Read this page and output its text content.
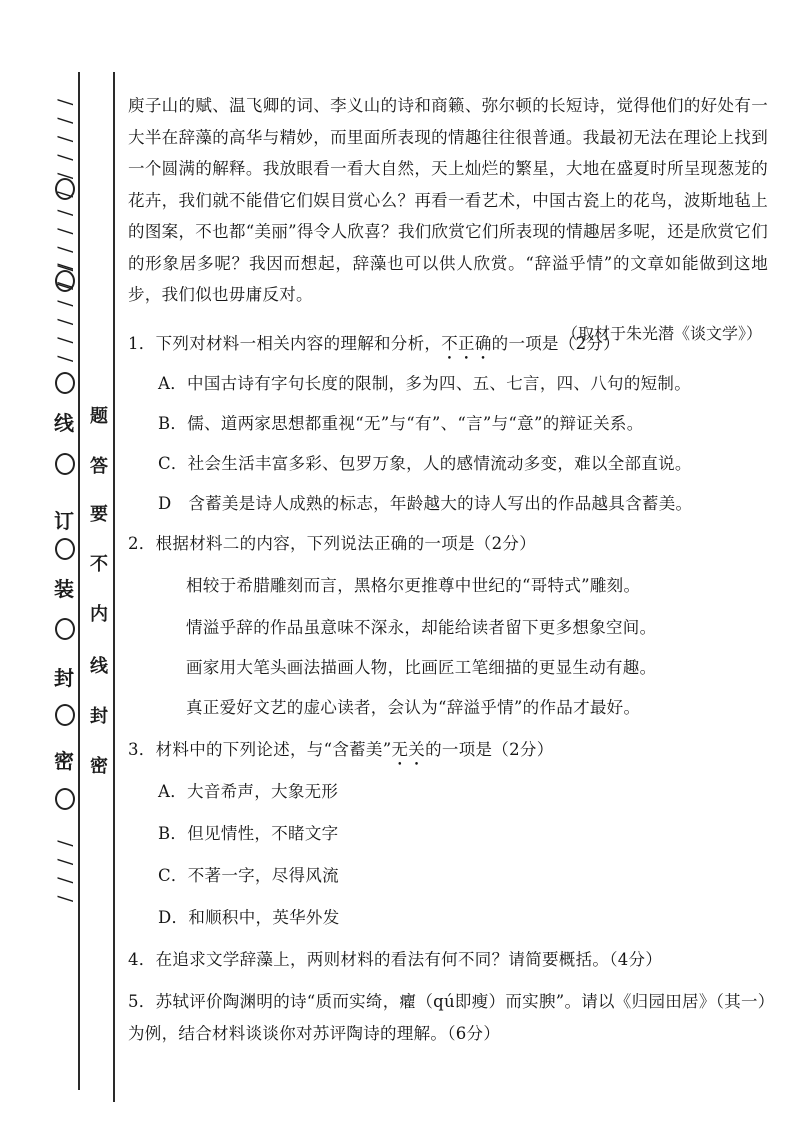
/ / / / / / / / / / /
/ / / / / /
线
订
装
封
密
/ / / /
题
答
要
不
内
线
封
密

庾子山的赋、温飞卿的词、李义山的诗和商籁、弥尔顿的长短诗，觉得他们的好处有一大半在辞藻的高华与精妙，而里面所表现的情趣往往很普通。我最初无法在理论上找到一个圆满的解释。我放眼看一看大自然，天上灿烂的繁星，大地在盛夏时所呈现葱茏的花卉，我们就不能借它们娱目赏心么？再看一看艺术，中国古瓷上的花鸟，波斯地毡上的图案，不也都“美丽”得令人欣喜？我们欣赏它们所表现的情趣居多呢，还是欣赏它们的形象居多呢？我因而想起，辞藻也可以供人欣赏。“辞溢乎情”的文章如能做到这地步，我们似也毋庸反对。

（取材于朱光潜《谈文学》）
1．下列对材料一相关内容的理解和分析，不正确的一项是（2分）
A．中国古诗有字句长度的限制，多为四、五、七言，四、八句的短制。
B．儒、道两家思想都重视“无”与“有”、“言”与“意”的辩证关系。
C．社会生活丰富多彩、包罗万象，人的感情流动多变，难以全部直说。
D　含蓄美是诗人成熟的标志，年龄越大的诗人写出的作品越具含蓄美。
2．根据材料二的内容，下列说法正确的一项是（2分）
相较于希腊雕刻而言，黑格尔更推尊中世纪的“哥特式”雕刻。
情溢乎辞的作品虽意味不深永，却能给读者留下更多想象空间。
画家用大笔头画法描画人物，比画匠工笔细描的更显生动有趣。
真正爱好文艺的虚心读者，会认为“辞溢乎情”的作品才最好。
3．材料中的下列论述，与“含蓄美”无关的一项是（2分）
A．大音希声，大象无形
B．但见情性，不睹文字
C．不著一字，尽得风流
D．和顺积中，英华外发
4．在追求文学辞藻上，两则材料的看法有何不同？请简要概括。（4分）
5．苏轼评价陶渊明的诗“质而实绮，癯（qú即瘦）而实腴”。请以《归园田居》（其一）
为例，结合材料谈谈你对苏评陶诗的理解。（6分）
